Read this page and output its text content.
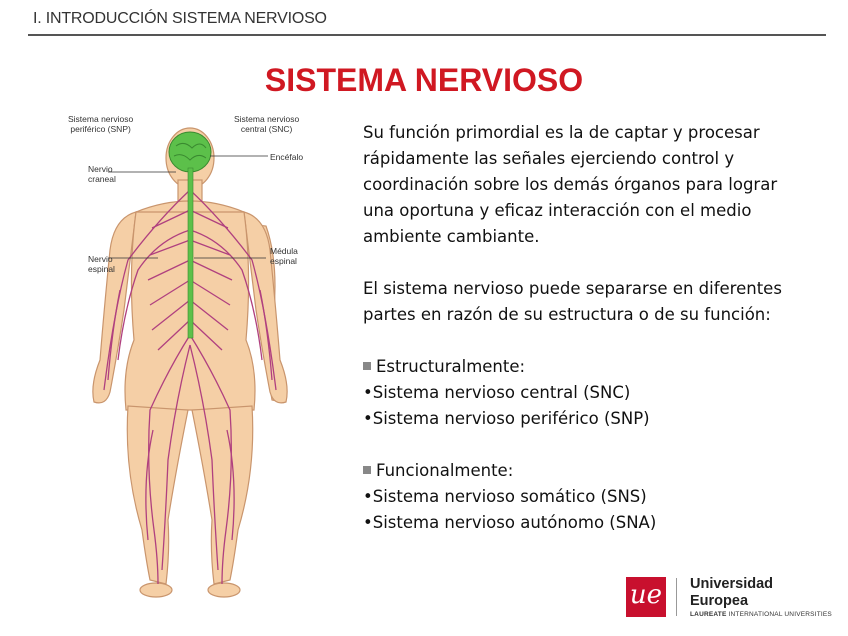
I. INTRODUCCIÓN SISTEMA NERVIOSO
SISTEMA NERVIOSO
Sistema nervioso
periférico (SNP)
Sistema nervioso
central (SNC)
Encéfalo
Nervio
craneal
Nervio
espinal
Médula
espinal

Su función primordial es la de captar y procesar rápidamente las señales ejerciendo control y coordinación sobre los demás órganos para lograr una oportuna y eficaz interacción con el medio ambiente cambiante.

El sistema nervioso puede separarse en diferentes partes en razón de su estructura o de su función:

Estructuralmente:

•Sistema nervioso central (SNC)

•Sistema nervioso periférico (SNP)

Funcionalmente:

•Sistema nervioso somático (SNS)

•Sistema nervioso autónomo (SNA)

ue Universidad
Europea
LAUREATE INTERNATIONAL UNIVERSITIES
